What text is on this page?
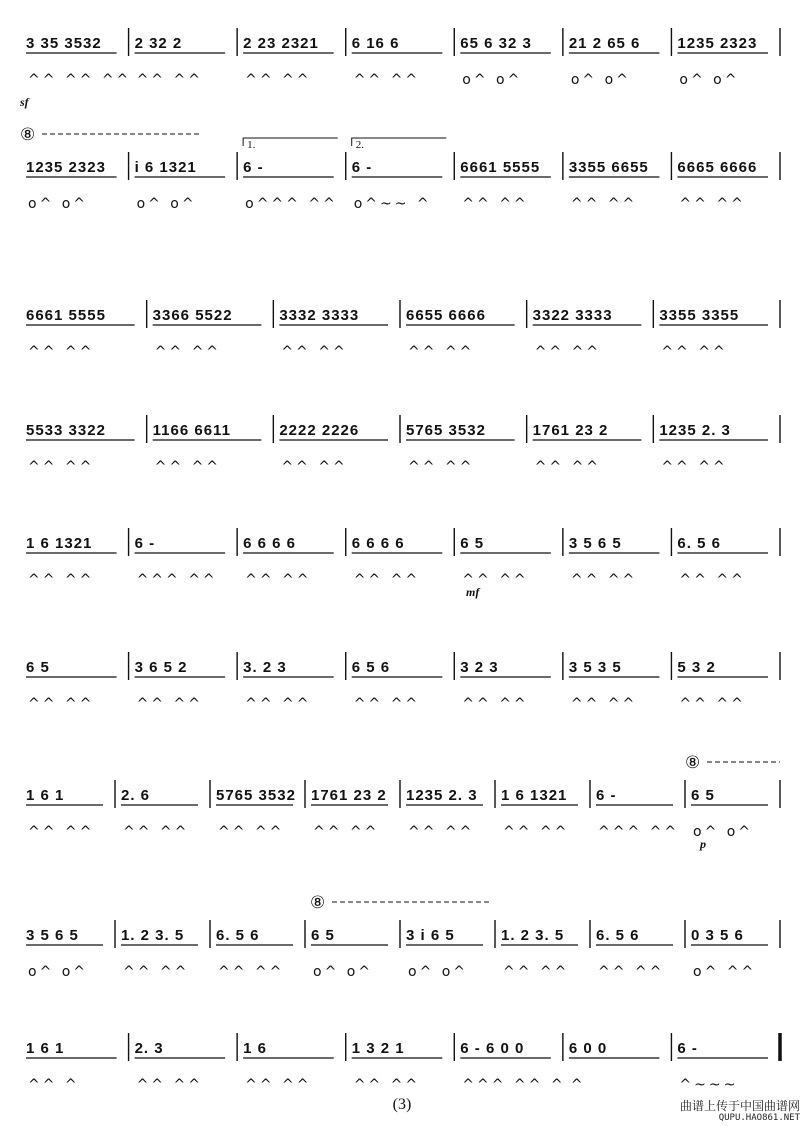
3 35 3532
^^ ^^ ^^
2 32 2
^^ ^^
2 23 2321
^^ ^^
6 16 6
^^ ^^
65 6 32 3
o^ o^
21 2 65 6
o^ o^
1235 2323
o^ o^
sf
⑧	1.	2.
1235 2323
o^ o^
i 6 1321
o^ o^
6 -
o^^^ ^^
6 -
o^~~ ^
6661 5555
^^ ^^
3355 6655
^^ ^^
6665 6666
^^ ^^
6661 5555
^^ ^^
3366 5522
^^ ^^
3332 3333
^^ ^^
6655 6666
^^ ^^
3322 3333
^^ ^^
3355 3355
^^ ^^
5533 3322
^^ ^^
1166 6611
^^ ^^
2222 2226
^^ ^^
5765 3532
^^ ^^
1761 23 2
^^ ^^
1235 2. 3
^^ ^^
1 6 1321
^^ ^^
6 -
^^^ ^^
6 6 6 6
^^ ^^
6 6 6 6
^^ ^^
6 5
^^ ^^
3 5 6 5
^^ ^^
6. 5 6
^^ ^^
mf
6 5
^^ ^^
3 6 5 2
^^ ^^
3. 2 3
^^ ^^
6 5 6
^^ ^^
3 2 3
^^ ^^
3 5 3 5
^^ ^^
5 3 2
^^ ^^
⑧
1 6 1
^^ ^^
2. 6
^^ ^^
5765 3532
^^ ^^
1761 23 2
^^ ^^
1235 2. 3
^^ ^^
1 6 1321
^^ ^^
6 -
^^^ ^^
6 5
o^ o^
p
⑧
3 5 6 5
o^ o^
1. 2 3. 5
^^ ^^
6. 5 6
^^ ^^
6 5
o^ o^
3 i 6 5
o^ o^
1. 2 3. 5
^^ ^^
6. 5 6
^^ ^^
0 3 5 6
o^ ^^
1 6 1
^^ ^
2. 3
^^ ^^
1 6
^^ ^^
1 3 2 1
^^ ^^
6 - 6 0 0
^^^ ^^ ^
6 0 0
^
6 -
^~~~
(3)	曲谱上传于中国曲谱网
QUPU.HAO861.NET
